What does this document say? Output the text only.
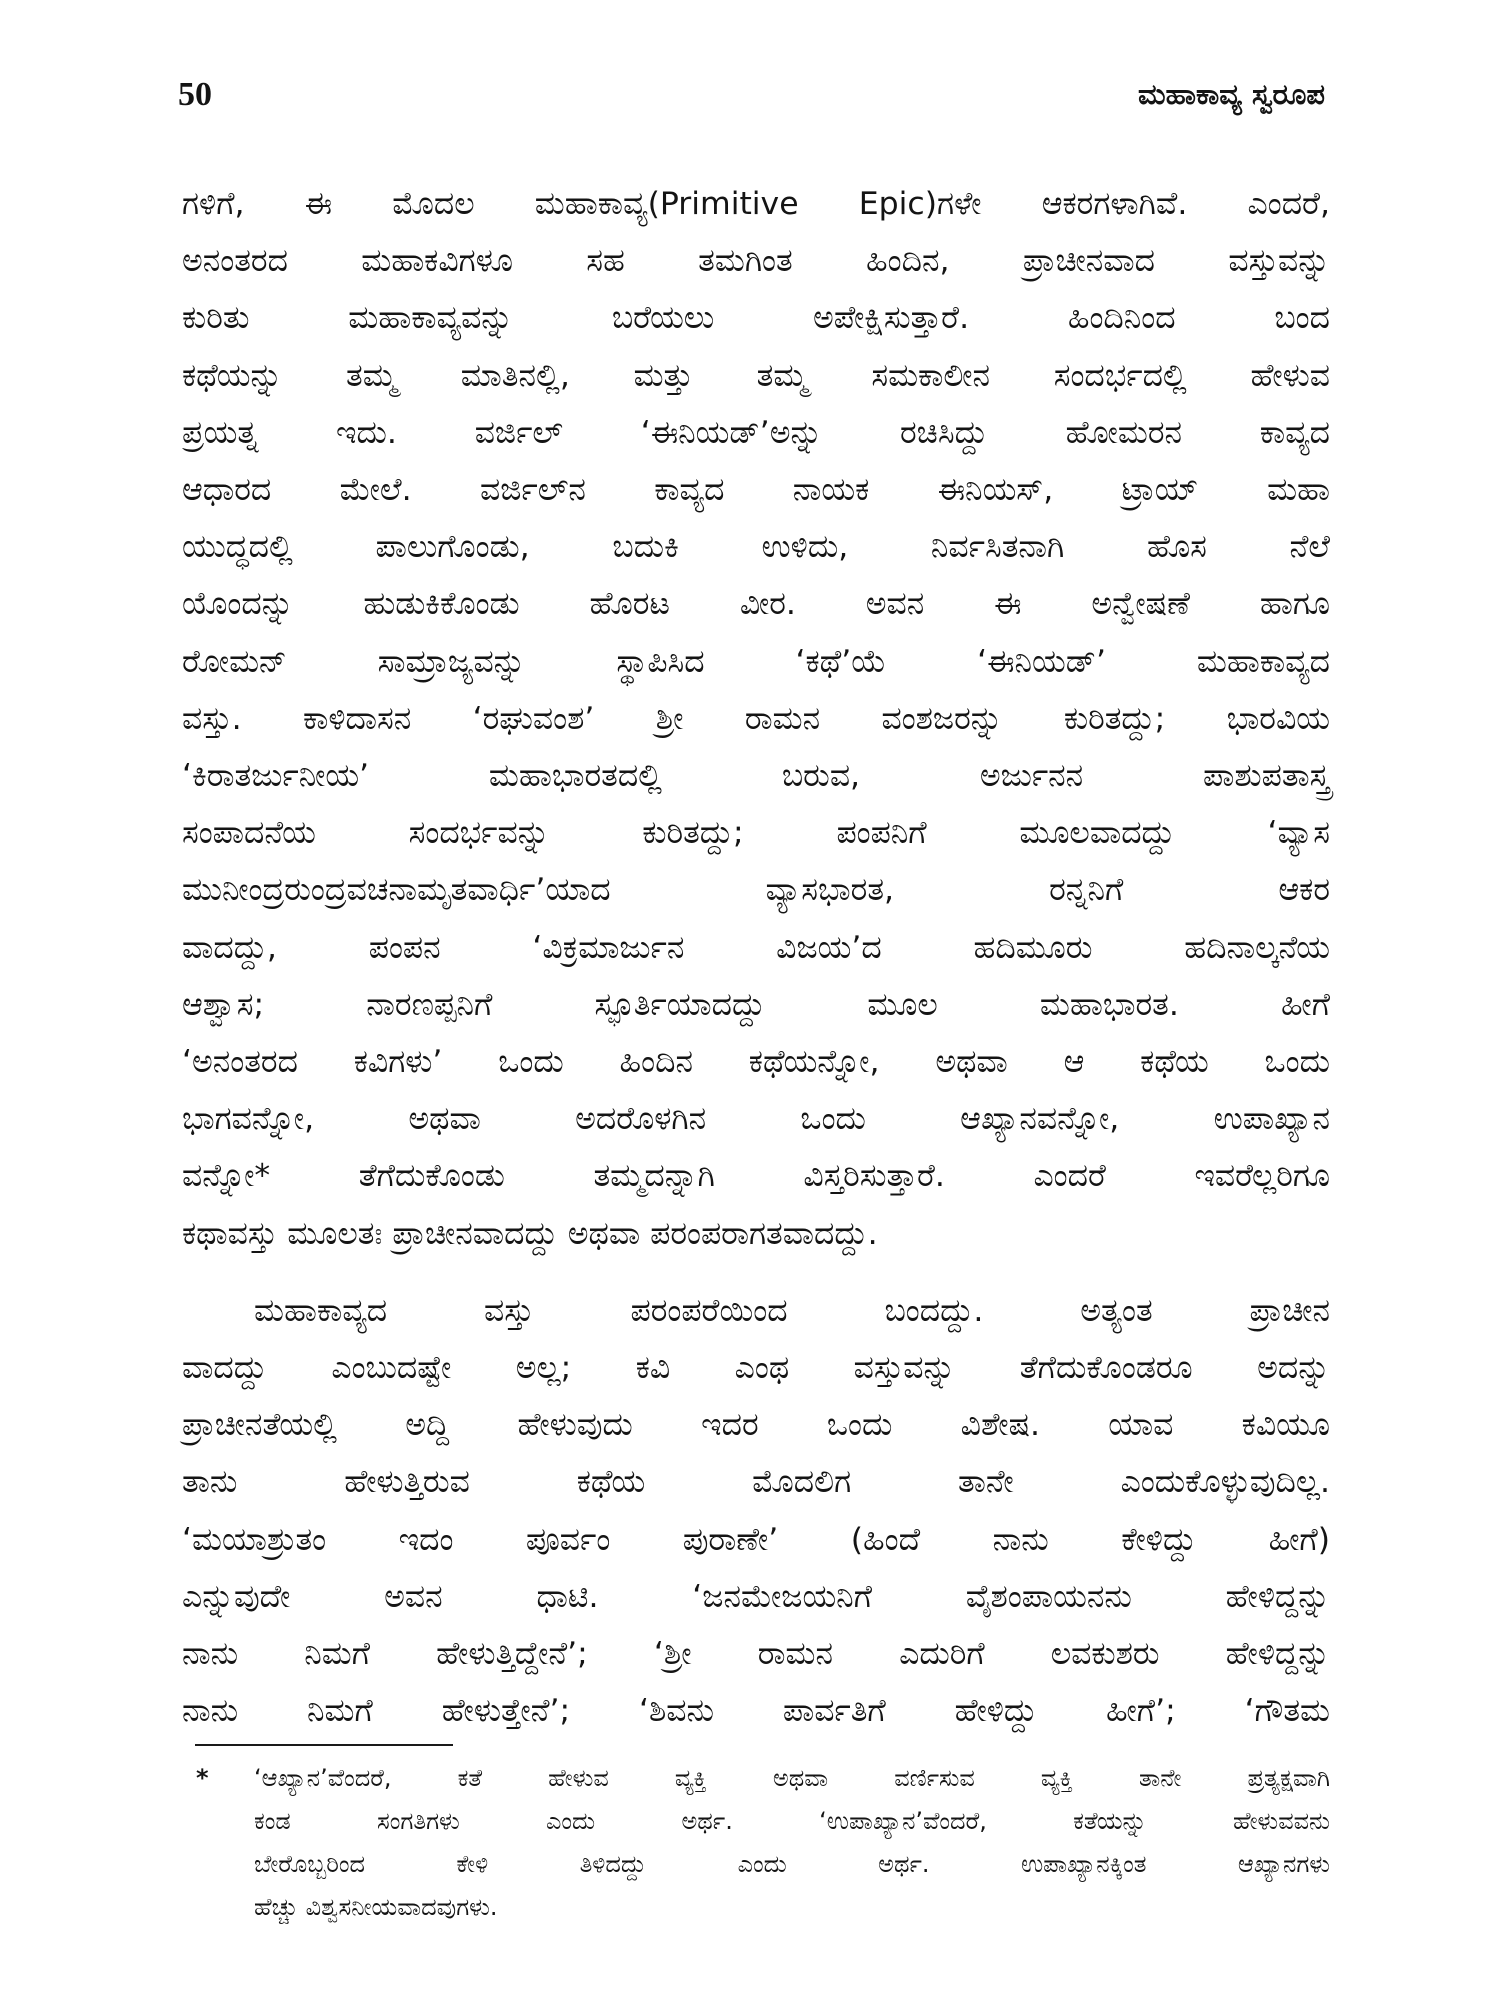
50	ಮಹಾಕಾವ್ಯ ಸ್ವರೂಪ

ಗಳಿಗೆ, ಈ ಮೊದಲ ಮಹಾಕಾವ್ಯ(Primitive Epic)ಗಳೇ ಆಕರಗಳಾಗಿವೆ. ಎಂದರೆ,
ಅನಂತರದ ಮಹಾಕವಿಗಳೂ ಸಹ ತಮಗಿಂತ ಹಿಂದಿನ, ಪ್ರಾಚೀನವಾದ ವಸ್ತುವನ್ನು
ಕುರಿತು ಮಹಾಕಾವ್ಯವನ್ನು ಬರೆಯಲು ಅಪೇಕ್ಷಿಸುತ್ತಾರೆ. ಹಿಂದಿನಿಂದ ಬಂದ
ಕಥೆಯನ್ನು ತಮ್ಮ ಮಾತಿನಲ್ಲಿ, ಮತ್ತು ತಮ್ಮ ಸಮಕಾಲೀನ ಸಂದರ್ಭದಲ್ಲಿ ಹೇಳುವ
ಪ್ರಯತ್ನ ಇದು. ವರ್ಜಿಲ್ ‘ಈನಿಯಡ್’ಅನ್ನು ರಚಿಸಿದ್ದು ಹೋಮರನ ಕಾವ್ಯದ
ಆಧಾರದ ಮೇಲೆ. ವರ್ಜಿಲ್‌ನ ಕಾವ್ಯದ ನಾಯಕ ಈನಿಯಸ್, ಟ್ರಾಯ್ ಮಹಾ
ಯುದ್ಧದಲ್ಲಿ ಪಾಲುಗೊಂಡು, ಬದುಕಿ ಉಳಿದು, ನಿರ್ವಸಿತನಾಗಿ ಹೊಸ ನೆಲೆ
ಯೊಂದನ್ನು ಹುಡುಕಿಕೊಂಡು ಹೊರಟ ವೀರ. ಅವನ ಈ ಅನ್ವೇಷಣೆ ಹಾಗೂ
ರೋಮನ್ ಸಾಮ್ರಾಜ್ಯವನ್ನು ಸ್ಥಾಪಿಸಿದ ‘ಕಥೆ’ಯೆ ‘ಈನಿಯಡ್’ ಮಹಾಕಾವ್ಯದ
ವಸ್ತು. ಕಾಳಿದಾಸನ ‘ರಘುವಂಶ’ ಶ್ರೀ ರಾಮನ ವಂಶಜರನ್ನು ಕುರಿತದ್ದು; ಭಾರವಿಯ
‘ಕಿರಾತರ್ಜುನೀಯ’ ಮಹಾಭಾರತದಲ್ಲಿ ಬರುವ, ಅರ್ಜುನನ ಪಾಶುಪತಾಸ್ತ್ರ
ಸಂಪಾದನೆಯ ಸಂದರ್ಭವನ್ನು ಕುರಿತದ್ದು; ಪಂಪನಿಗೆ ಮೂಲವಾದದ್ದು ‘ವ್ಯಾಸ
ಮುನೀಂದ್ರರುಂದ್ರವಚನಾಮೃತವಾರ್ಧಿ’ಯಾದ ವ್ಯಾಸಭಾರತ, ರನ್ನನಿಗೆ ಆಕರ
ವಾದದ್ದು, ಪಂಪನ ‘ವಿಕ್ರಮಾರ್ಜುನ ವಿಜಯ’ದ ಹದಿಮೂರು ಹದಿನಾಲ್ಕನೆಯ
ಆಶ್ವಾಸ; ನಾರಣಪ್ಪನಿಗೆ ಸ್ಫೂರ್ತಿಯಾದದ್ದು ಮೂಲ ಮಹಾಭಾರತ. ಹೀಗೆ
‘ಅನಂತರದ ಕವಿಗಳು’ ಒಂದು ಹಿಂದಿನ ಕಥೆಯನ್ನೋ, ಅಥವಾ ಆ ಕಥೆಯ ಒಂದು
ಭಾಗವನ್ನೋ, ಅಥವಾ ಅದರೊಳಗಿನ ಒಂದು ಆಖ್ಯಾನವನ್ನೋ, ಉಪಾಖ್ಯಾನ
ವನ್ನೋ* ತೆಗೆದುಕೊಂಡು ತಮ್ಮದನ್ನಾಗಿ ವಿಸ್ತರಿಸುತ್ತಾರೆ. ಎಂದರೆ ಇವರೆಲ್ಲರಿಗೂ
ಕಥಾವಸ್ತು ಮೂಲತಃ ಪ್ರಾಚೀನವಾದದ್ದು ಅಥವಾ ಪರಂಪರಾಗತವಾದದ್ದು.

ಮಹಾಕಾವ್ಯದ ವಸ್ತು ಪರಂಪರೆಯಿಂದ ಬಂದದ್ದು. ಅತ್ಯಂತ ಪ್ರಾಚೀನ
ವಾದದ್ದು ಎಂಬುದಷ್ಟೇ ಅಲ್ಲ; ಕವಿ ಎಂಥ ವಸ್ತುವನ್ನು ತೆಗೆದುಕೊಂಡರೂ ಅದನ್ನು
ಪ್ರಾಚೀನತೆಯಲ್ಲಿ ಅದ್ದಿ ಹೇಳುವುದು ಇದರ ಒಂದು ವಿಶೇಷ. ಯಾವ ಕವಿಯೂ
ತಾನು ಹೇಳುತ್ತಿರುವ ಕಥೆಯ ಮೊದಲಿಗ ತಾನೇ ಎಂದುಕೊಳ್ಳುವುದಿಲ್ಲ.
‘ಮಯಾಶ್ರುತಂ ಇದಂ ಪೂರ್ವಂ ಪುರಾಣೇ’ (ಹಿಂದೆ ನಾನು ಕೇಳಿದ್ದು ಹೀಗೆ)
ಎನ್ನುವುದೇ ಅವನ ಧಾಟಿ. ‘ಜನಮೇಜಯನಿಗೆ ವೈಶಂಪಾಯನನು ಹೇಳಿದ್ದನ್ನು
ನಾನು ನಿಮಗೆ ಹೇಳುತ್ತಿದ್ದೇನೆ’; ‘ಶ್ರೀ ರಾಮನ ಎದುರಿಗೆ ಲವಕುಶರು ಹೇಳಿದ್ದನ್ನು
ನಾನು ನಿಮಗೆ ಹೇಳುತ್ತೇನೆ’; ‘ಶಿವನು ಪಾರ್ವತಿಗೆ ಹೇಳಿದ್ದು ಹೀಗೆ’; ‘ಗೌತಮ

*	‘ಆಖ್ಯಾನ’ವೆಂದರೆ, ಕತೆ ಹೇಳುವ ವ್ಯಕ್ತಿ ಅಥವಾ ವರ್ಣಿಸುವ ವ್ಯಕ್ತಿ ತಾನೇ ಪ್ರತ್ಯಕ್ಷವಾಗಿ
ಕಂಡ ಸಂಗತಿಗಳು ಎಂದು ಅರ್ಥ. ‘ಉಪಾಖ್ಯಾನ’ವೆಂದರೆ, ಕತೆಯನ್ನು ಹೇಳುವವನು
ಬೇರೊಬ್ಬರಿಂದ ಕೇಳಿ ತಿಳಿದದ್ದು ಎಂದು ಅರ್ಥ. ಉಪಾಖ್ಯಾನಕ್ಕಿಂತ ಆಖ್ಯಾನಗಳು
ಹೆಚ್ಚು ವಿಶ್ವಸನೀಯವಾದವುಗಳು.
